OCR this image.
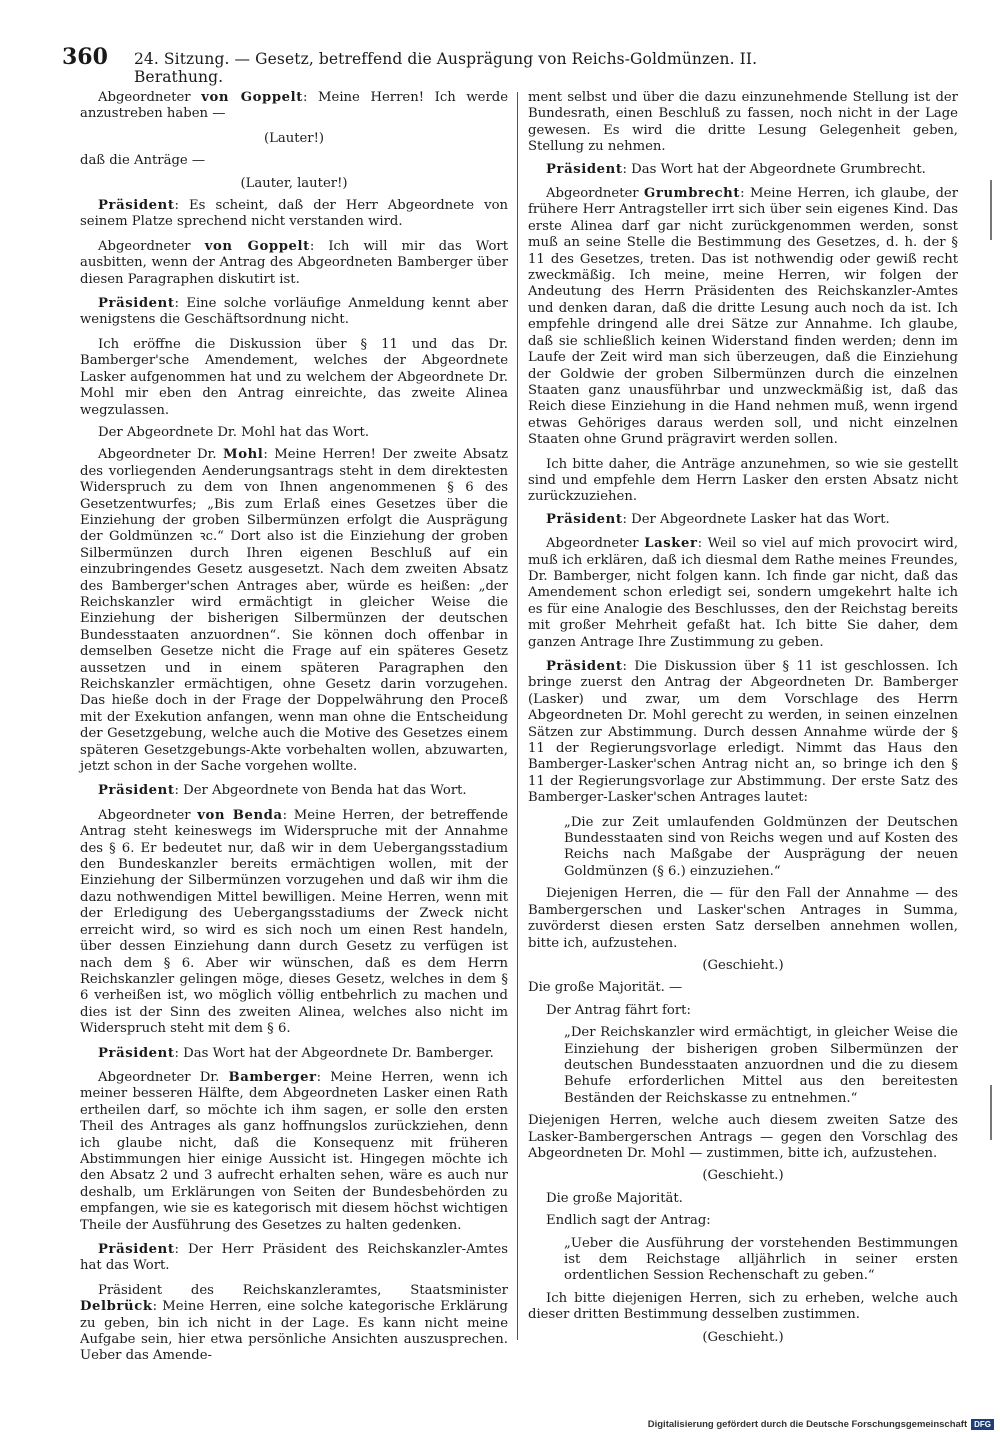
360 24. Sitzung. — Gesetz, betreffend die Ausprägung von Reichs-Goldmünzen. II. Berathung.

Abgeordneter von Goppelt: Meine Herren! Ich werde anzustreben haben —

(Lauter!)

daß die Anträge —

(Lauter, lauter!)

Präsident: Es scheint, daß der Herr Abgeordnete von seinem Platze sprechend nicht verstanden wird.

Abgeordneter von Goppelt: Ich will mir das Wort ausbitten, wenn der Antrag des Abgeordneten Bamberger über diesen Paragraphen diskutirt ist.

Präsident: Eine solche vorläufige Anmeldung kennt aber wenigstens die Geschäftsordnung nicht.

Ich eröffne die Diskussion über § 11 und das Dr. Bamberger'sche Amendement, welches der Abgeordnete Lasker aufgenommen hat und zu welchem der Abgeordnete Dr. Mohl mir eben den Antrag einreichte, das zweite Alinea wegzulassen.

Der Abgeordnete Dr. Mohl hat das Wort.

Abgeordneter Dr. Mohl: Meine Herren! Der zweite Absatz des vorliegenden Aenderungsantrags steht in dem direktesten Widerspruch zu dem von Ihnen angenommenen § 6 des Gesetzentwurfes; „Bis zum Erlaß eines Gesetzes über die Einziehung der groben Silbermünzen erfolgt die Ausprägung der Goldmünzen ꝛc.“ Dort also ist die Einziehung der groben Silbermünzen durch Ihren eigenen Beschluß auf ein einzubringendes Gesetz ausgesetzt. Nach dem zweiten Absatz des Bamberger'schen Antrages aber, würde es heißen: „der Reichskanzler wird ermächtigt in gleicher Weise die Einziehung der bisherigen Silbermünzen der deutschen Bundesstaaten anzuordnen“. Sie können doch offenbar in demselben Gesetze nicht die Frage auf ein späteres Gesetz aussetzen und in einem späteren Paragraphen den Reichskanzler ermächtigen, ohne Gesetz darin vorzugehen. Das hieße doch in der Frage der Doppelwährung den Proceß mit der Exekution anfangen, wenn man ohne die Entscheidung der Gesetzgebung, welche auch die Motive des Gesetzes einem späteren Gesetzgebungs-Akte vorbehalten wollen, abzuwarten, jetzt schon in der Sache vorgehen wollte.

Präsident: Der Abgeordnete von Benda hat das Wort.

Abgeordneter von Benda: Meine Herren, der betreffende Antrag steht keineswegs im Widerspruche mit der Annahme des § 6. Er bedeutet nur, daß wir in dem Uebergangsstadium den Bundeskanzler bereits ermächtigen wollen, mit der Einziehung der Silbermünzen vorzugehen und daß wir ihm die dazu nothwendigen Mittel bewilligen. Meine Herren, wenn mit der Erledigung des Uebergangsstadiums der Zweck nicht erreicht wird, so wird es sich noch um einen Rest handeln, über dessen Einziehung dann durch Gesetz zu verfügen ist nach dem § 6. Aber wir wünschen, daß es dem Herrn Reichskanzler gelingen möge, dieses Gesetz, welches in dem § 6 verheißen ist, wo möglich völlig entbehrlich zu machen und dies ist der Sinn des zweiten Alinea, welches also nicht im Widerspruch steht mit dem § 6.

Präsident: Das Wort hat der Abgeordnete Dr. Bamberger.

Abgeordneter Dr. Bamberger: Meine Herren, wenn ich meiner besseren Hälfte, dem Abgeordneten Lasker einen Rath ertheilen darf, so möchte ich ihm sagen, er solle den ersten Theil des Antrages als ganz hoffnungslos zurückziehen, denn ich glaube nicht, daß die Konsequenz mit früheren Abstimmungen hier einige Aussicht ist. Hingegen möchte ich den Absatz 2 und 3 aufrecht erhalten sehen, wäre es auch nur deshalb, um Erklärungen von Seiten der Bundesbehörden zu empfangen, wie sie es kategorisch mit diesem höchst wichtigen Theile der Ausführung des Gesetzes zu halten gedenken.

Präsident: Der Herr Präsident des Reichskanzler-Amtes hat das Wort.

Präsident des Reichskanzleramtes, Staatsminister Delbrück: Meine Herren, eine solche kategorische Erklärung zu geben, bin ich nicht in der Lage. Es kann nicht meine Aufgabe sein, hier etwa persönliche Ansichten auszusprechen. Ueber das Amende-

ment selbst und über die dazu einzunehmende Stellung ist der Bundesrath, einen Beschluß zu fassen, noch nicht in der Lage gewesen. Es wird die dritte Lesung Gelegenheit geben, Stellung zu nehmen.

Präsident: Das Wort hat der Abgeordnete Grumbrecht.

Abgeordneter Grumbrecht: Meine Herren, ich glaube, der frühere Herr Antragsteller irrt sich über sein eigenes Kind. Das erste Alinea darf gar nicht zurückgenommen werden, sonst muß an seine Stelle die Bestimmung des Gesetzes, d. h. der § 11 des Gesetzes, treten. Das ist nothwendig oder gewiß recht zweckmäßig. Ich meine, meine Herren, wir folgen der Andeutung des Herrn Präsidenten des Reichskanzler-Amtes und denken daran, daß die dritte Lesung auch noch da ist. Ich empfehle dringend alle drei Sätze zur Annahme. Ich glaube, daß sie schließlich keinen Widerstand finden werden; denn im Laufe der Zeit wird man sich überzeugen, daß die Einziehung der Goldwie der groben Silbermünzen durch die einzelnen Staaten ganz unausführbar und unzweckmäßig ist, daß das Reich diese Einziehung in die Hand nehmen muß, wenn irgend etwas Gehöriges daraus werden soll, und nicht einzelnen Staaten ohne Grund prägravirt werden sollen.

Ich bitte daher, die Anträge anzunehmen, so wie sie gestellt sind und empfehle dem Herrn Lasker den ersten Absatz nicht zurückzuziehen.

Präsident: Der Abgeordnete Lasker hat das Wort.

Abgeordneter Lasker: Weil so viel auf mich provocirt wird, muß ich erklären, daß ich diesmal dem Rathe meines Freundes, Dr. Bamberger, nicht folgen kann. Ich finde gar nicht, daß das Amendement schon erledigt sei, sondern umgekehrt halte ich es für eine Analogie des Beschlusses, den der Reichstag bereits mit großer Mehrheit gefaßt hat. Ich bitte Sie daher, dem ganzen Antrage Ihre Zustimmung zu geben.

Präsident: Die Diskussion über § 11 ist geschlossen. Ich bringe zuerst den Antrag der Abgeordneten Dr. Bamberger (Lasker) und zwar, um dem Vorschlage des Herrn Abgeordneten Dr. Mohl gerecht zu werden, in seinen einzelnen Sätzen zur Abstimmung. Durch dessen Annahme würde der § 11 der Regierungsvorlage erledigt. Nimmt das Haus den Bamberger-Lasker'schen Antrag nicht an, so bringe ich den § 11 der Regierungsvorlage zur Abstimmung. Der erste Satz des Bamberger-Lasker'schen Antrages lautet:

„Die zur Zeit umlaufenden Goldmünzen der Deutschen Bundesstaaten sind von Reichs wegen und auf Kosten des Reichs nach Maßgabe der Ausprägung der neuen Goldmünzen (§ 6.) einzuziehen.“

Diejenigen Herren, die — für den Fall der Annahme — des Bambergerschen und Lasker'schen Antrages in Summa, zuvörderst diesen ersten Satz derselben annehmen wollen, bitte ich, aufzustehen.

(Geschieht.)

Die große Majorität. —

Der Antrag fährt fort:

„Der Reichskanzler wird ermächtigt, in gleicher Weise die Einziehung der bisherigen groben Silbermünzen der deutschen Bundesstaaten anzuordnen und die zu diesem Behufe erforderlichen Mittel aus den bereitesten Beständen der Reichskasse zu entnehmen.“

Diejenigen Herren, welche auch diesem zweiten Satze des Lasker-Bambergerschen Antrags — gegen den Vorschlag des Abgeordneten Dr. Mohl — zustimmen, bitte ich, aufzustehen.

(Geschieht.)

Die große Majorität.

Endlich sagt der Antrag:

„Ueber die Ausführung der vorstehenden Bestimmungen ist dem Reichstage alljährlich in seiner ersten ordentlichen Session Rechenschaft zu geben.“

Ich bitte diejenigen Herren, sich zu erheben, welche auch dieser dritten Bestimmung desselben zustimmen.

(Geschieht.)

Digitalisierung gefördert durch die Deutsche Forschungsgemeinschaft DFG
